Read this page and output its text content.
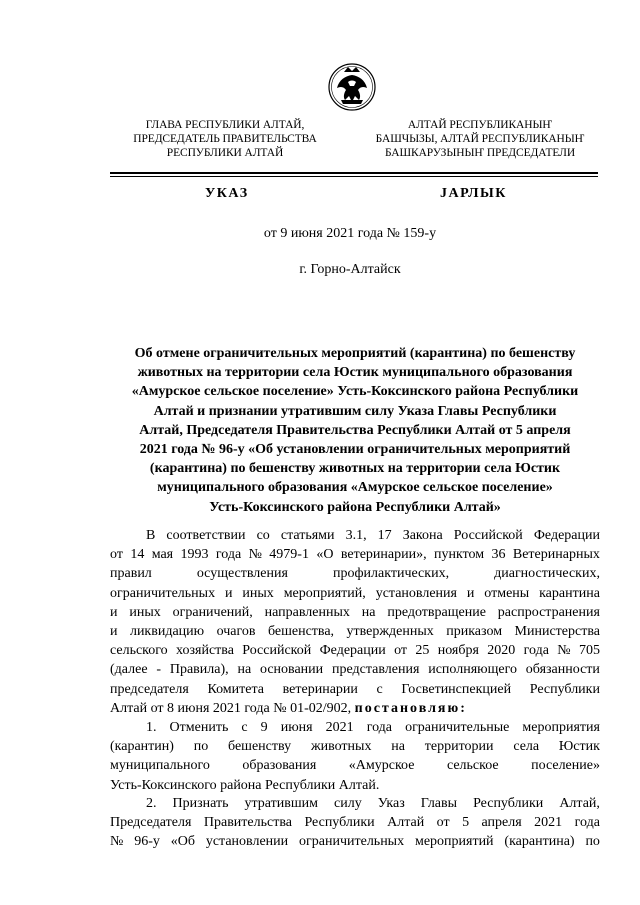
ГЛАВА РЕСПУБЛИКИ АЛТАЙ,
ПРЕДСЕДАТЕЛЬ ПРАВИТЕЛЬСТВА
РЕСПУБЛИКИ АЛТАЙ
АЛТАЙ РЕСПУБЛИКАНЫҤ
БАШЧЫЗЫ, АЛТАЙ РЕСПУБЛИКАНЫҤ
БАШКАРУЗЫНЫҤ ПРЕДСЕДАТЕЛИ
УКАЗ	ЈАРЛЫК
от 9 июня 2021 года № 159-у
г. Горно-Алтайск
Об отмене ограничительных мероприятий (карантина) по бешенству
животных на территории села Юстик муниципального образования
«Амурское сельское поселение» Усть-Коксинского района Республики
Алтай и признании утратившим силу Указа Главы Республики
Алтай, Председателя Правительства Республики Алтай от 5 апреля
2021 года № 96-у «Об установлении ограничительных мероприятий
(карантина) по бешенству животных на территории села Юстик
муниципального образования «Амурское сельское поселение»
Усть-Коксинского района Республики Алтай»
В соответствии со статьями 3.1, 17 Закона Российской Федерации
от 14 мая 1993 года № 4979-1 «О ветеринарии», пунктом 36 Ветеринарных
правил	осуществления	профилактических,	диагностических,
ограничительных и иных мероприятий, установления и отмены карантина
и иных ограничений, направленных на предотвращение распространения
и ликвидацию очагов бешенства, утвержденных приказом Министерства
сельского хозяйства Российской Федерации от 25 ноября 2020 года № 705
(далее - Правила), на основании представления исполняющего обязанности
председателя Комитета ветеринарии с Госветинспекцией Республики
Алтай от 8 июня 2021 года № 01-02/902,
постановляю:
1. Отменить с 9 июня 2021 года ограничительные мероприятия
(карантин) по бешенству животных на территории села Юстик
муниципального образования «Амурское сельское поселение»
Усть-Коксинского района Республики Алтай.
2. Признать утратившим силу Указ Главы Республики Алтай,
Председателя Правительства Республики Алтай от 5 апреля 2021 года
№ 96-у «Об установлении ограничительных мероприятий (карантина) по
